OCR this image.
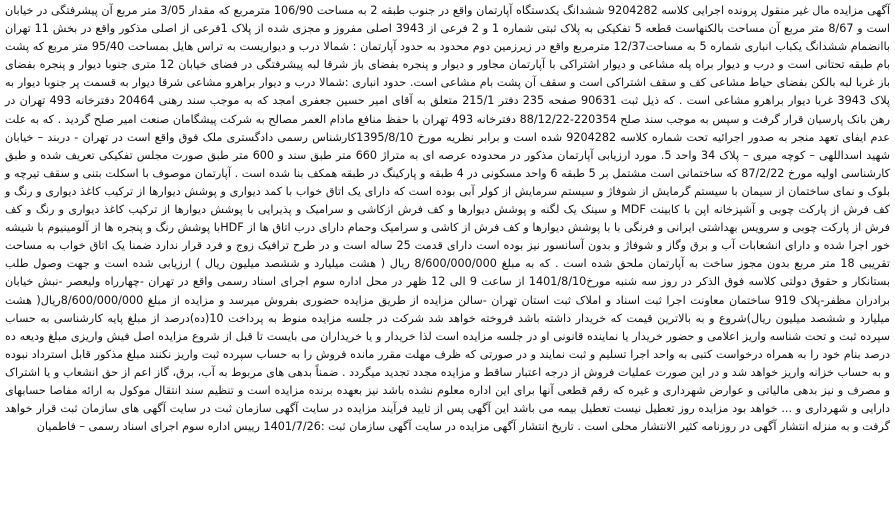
آگهی مزایده مال غیر منقول پرونده اجرایی کلاسه 9204282 ششدانگ یکدستگاه آپارتمان واقع در جنوب طبقه 2 به مساحت 106/90 مترمربع که مقدار 3/05 متر مربع آن پیشرفتگی در خیابان است و 8/67 متر مربع آن مساحت بالکنهاست قطعه 5 تفکیکی به پلاک ثبتی شماره 1 و 2 فرعی از 3943 اصلی مفروز و مجزی شده از پلاک 1فرعی از اصلی مذکور واقع در بخش 11 تهران باانضمام ششدانگ یکباب انباری شماره 5 به مساحت12/37 مترمربع واقع در زیرزمین دوم محدود به حدود آپارتمان : شمالا درب و دیواریست به تراس هایل بمساحت 95/40 متر مربع که پشت بام طبقه تحتانی است و درب و دیوار براه پله مشاعی و دیوار اشتراکی با آپارتمان مجاور و دیوار و پنجره بفضای باز شرقا لبه پیشرفتگی در فضای خیابان 12 متری جنوبا دیوار و پنجره بفضای باز غربا لبه بالکن بفضای حیاط مشاعی کف و سقف اشتراکی است و سقف آن پشت بام مشاعی است. حدود انباری :شمالا درب و دیوار براهرو مشاعی شرقا دیوار به قسمت پر جنوبا دیوار به پلاک 3943 غربا دیوار براهرو مشاعی است . که ذیل ثبت 90631 صفحه 235 دفتر 215/1 متعلق به آقای امیر حسین جعفری امجد که به موجب سند رهنی 20464 دفترخانه 493 تهران در رهن بانک پارسیان قرار گرفت و سپس به موجب سند صلح 220354-88/12/22 دفترخانه 493 تهران با حفظ منافع مادام العمر مصالح به شرکت پیشگامان صنعت امیر صلح گردید . که به علت عدم ایفای تعهد منجر به صدور اجرائیه تحت شماره کلاسه 9204282 شده است و برابر نظریه مورخ 1395/8/10کارشناس رسمی دادگستری ملک فوق واقع است در تهران - دربند – خیابان شهید اسداللهی – کوچه میری – پلاک 34 واحد 5. مورد ارزیابی آپارتمان مذکور در محدوده عرصه ای به متراژ 660 متر طبق سند و 600 متر طبق صورت مجلس تفکیکی تعریف شده و طبق کارشناسی اولیه مورخ 87/2/22 که ساختمانی است مشتمل بر 5 طبقه 6 واحد مسکونی در 4 طبقه و پارکینگ در طبقه همکف بنا شده است . آپارتمان موصوف با اسکلت بتنی و سقف تیرچه و بلوک و نمای ساختمان از سیمان با سیستم گرمایش از شوفاژ و سیستم سرمایش از کولر آبی بوده است که دارای یک اتاق خواب با کمد دیواری و پوشش دیوارها از ترکیب کاغذ دیواری و رنگ و کف فرش از پارکت چوبی و آشپزخانه اپن با کابینت MDF و سینک یک لگنه و پوشش دیوارها و کف فرش ازکاشی و سرامیک و پذیرایی با پوشش دیوارها از ترکیب کاغذ دیواری و رنگ و کف فرش از پارکت چوبی و سرویس بهداشتی ایرانی و فرنگی با با پوشش دیوارها و کف فرش از کاشی و سرامیک وحمام دارای درب اتاق ها از HDFبا پوشش رنگ و پنجره ها از آلومینیوم با شیشه خور اجرا شده و دارای انشعابات آب و برق وگاز و شوفاژ و بدون آسانسور نیز بوده است دارای قدمت 25 ساله است و در طرح ترافیک زوج و فرد قرار ندارد ضمنا یک اتاق خواب به مساحت تقریبی 18 متر مربع بدون مجوز ساخت به آپارتمان ملحق شده است . که به مبلغ 8/600/000/000 ریال ( هشت میلیارد و ششصد میلیون ریال ) ارزیابی شده است و جهت وصول طلب بستانکار و حقوق دولتی کلاسه فوق الذکر در روز سه شنبه مورخ1401/8/10 از ساعت 9 الی 12 ظهر در محل اداره سوم اجرای اسناد رسمی واقع در تهران -چهارراه ولیعصر -نبش خیابان برادران مظفر-پلاک 919 ساختمان معاونت اجرا ثبت اسناد و املاک ثبت استان تهران -سالن مزایده از طریق مزایده حضوری بفروش میرسد و مزایده از مبلغ 8/600/000/000ریال( هشت میلیارد و ششصد میلیون ریال)شروع و به بالاترین قیمت که خریدار داشته باشد فروخته خواهد شد شرکت در جلسه مزایده منوط به پرداخت 10(ده)درصد از مبلغ پایه کارشناسی به حساب سپرده ثبت و تحت شناسه واریز اعلامی و حضور خریدار یا نماینده قانونی او در جلسه مزایده است لذا خریدار و یا خریداران می بایست تا قبل از شروع مزایده اصل فیش واریزی مبلغ ودیعه ده درصد بنام خود را به همراه درخواست کتبی به واحد اجرا تسلیم و ثبت نمایند و در صورتی که ظرف مهلت مقرر مانده فروش را به حساب سپرده ثبت واریز نکنند مبلغ مذکور قابل استرداد نبوده و به حساب خزانه واریز خواهد شد و در این صورت عملیات فروش از درجه اعتبار ساقط و مزایده مجدد تجدید میگردد . ضمناً بدهی های مربوط به آب، برق، گاز اعم از حق انشعاب و یا اشتراک و مصرف و نیز بدهی مالیاتی و عوارض شهرداری و غیره که رقم قطعی آنها برای این اداره معلوم نشده باشد نیز بعهده برنده مزایده است و تنظیم سند انتقال موکول به ارائه مفاصا حسابهای دارایی و شهرداری و ... خواهد بود مزایده روز تعطیل نیست تعطیل بیمه می باشد این آگهی پس از تایید فرآیند مزایده در سایت آگهی سازمان ثبت در سایت آگهی های سازمان ثبت قرار خواهد گرفت و به منزله انتشار آگهی در روزنامه کثیر الانتشار محلی است . تاریخ انتشار آگهی مزایده در سایت آگهی سازمان ثبت :1401/7/26 رییس اداره سوم اجرای اسناد رسمی – فاطمیان
